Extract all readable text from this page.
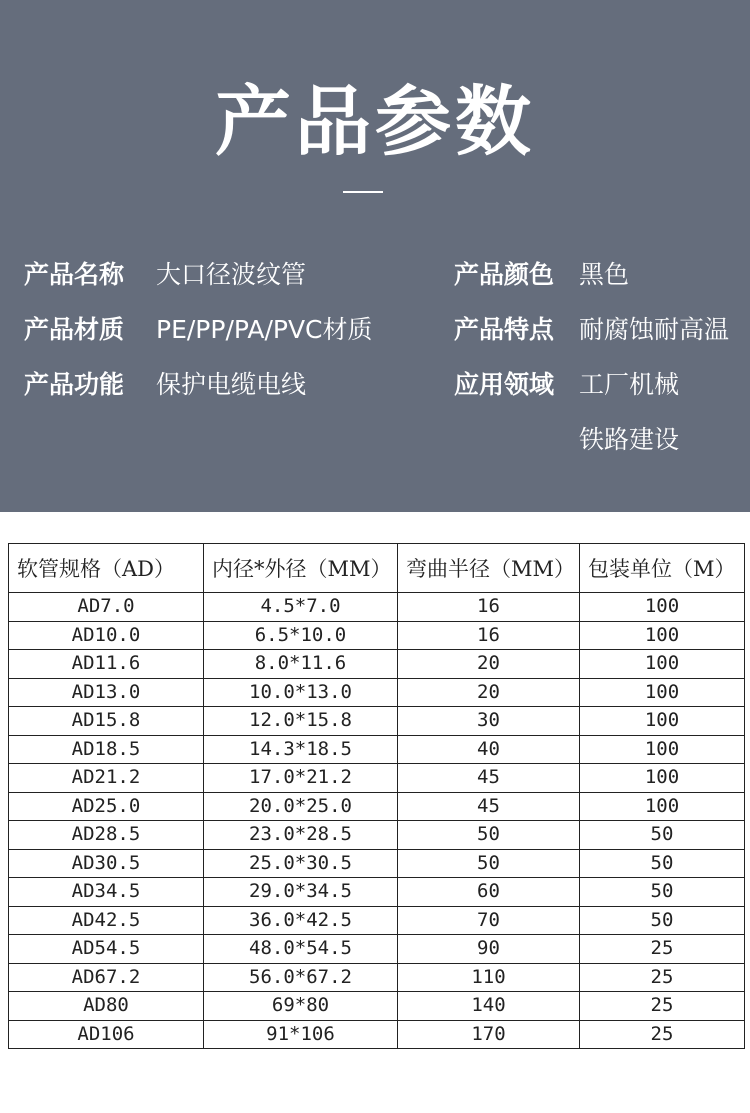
产品参数
产品名称 大口径波纹管
产品材质 PE/PP/PA/PVC材质
产品功能 保护电缆电线
产品颜色 黑色
产品特点 耐腐蚀耐高温
应用领域 工厂机械
铁路建设
软管规格（AD）	内径*外径（MM）	弯曲半径（MM）	包装单位（M）
AD7.0	4.5*7.0	16	100
AD10.0	6.5*10.0	16	100
AD11.6	8.0*11.6	20	100
AD13.0	10.0*13.0	20	100
AD15.8	12.0*15.8	30	100
AD18.5	14.3*18.5	40	100
AD21.2	17.0*21.2	45	100
AD25.0	20.0*25.0	45	100
AD28.5	23.0*28.5	50	50
AD30.5	25.0*30.5	50	50
AD34.5	29.0*34.5	60	50
AD42.5	36.0*42.5	70	50
AD54.5	48.0*54.5	90	25
AD67.2	56.0*67.2	110	25
AD80	69*80	140	25
AD106	91*106	170	25
